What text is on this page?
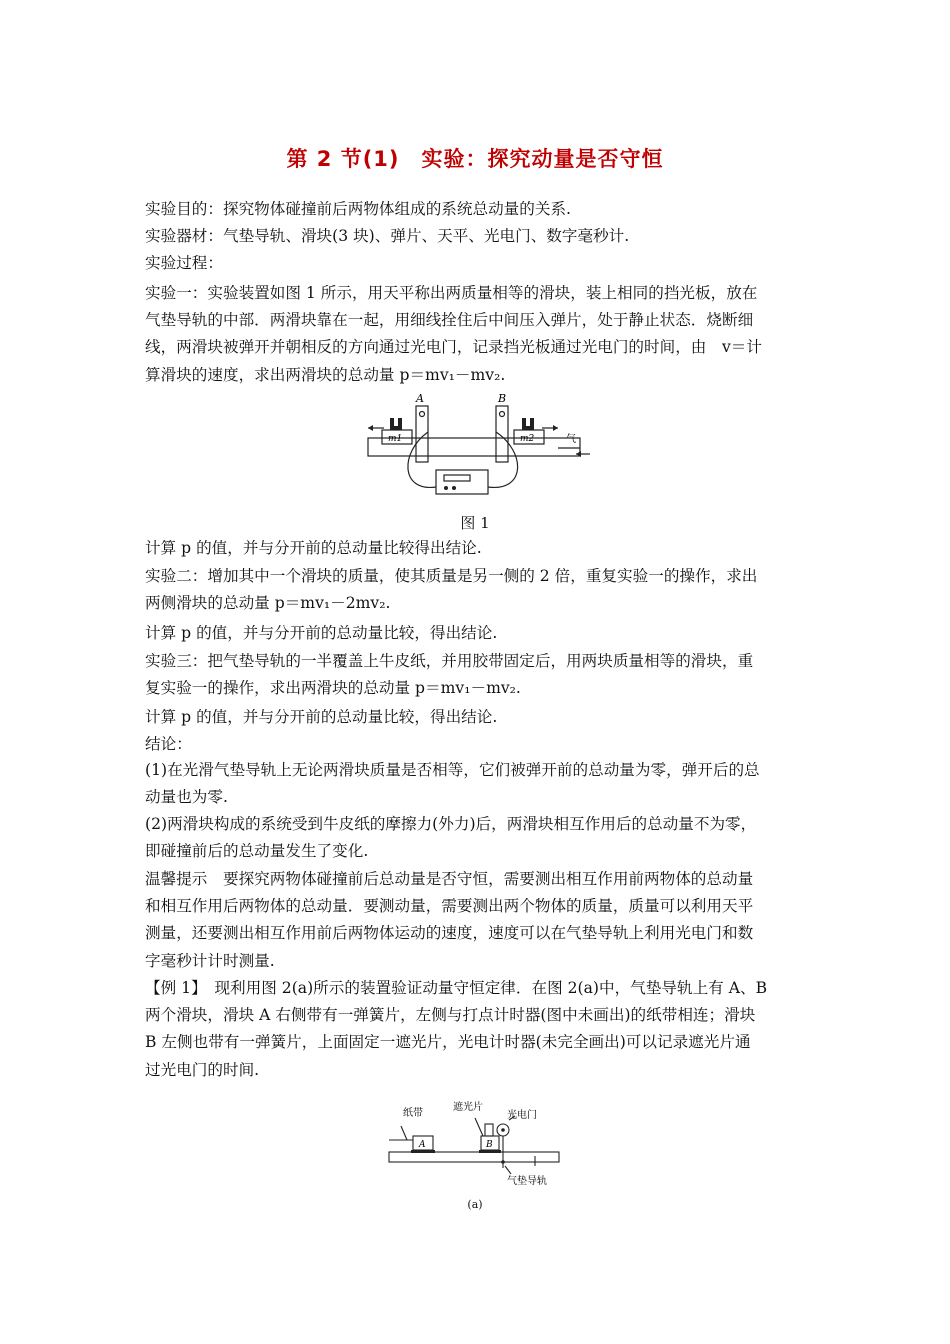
第 2 节(1)　实验：探究动量是否守恒
实验目的：探究物体碰撞前后两物体组成的系统总动量的关系.
实验器材：气垫导轨、滑块(3 块)、弹片、天平、光电门、数字毫秒计.
实验过程：
实验一：实验装置如图 1 所示，用天平称出两质量相等的滑块，装上相同的挡光板，放在
气垫导轨的中部．两滑块靠在一起，用细线拴住后中间压入弹片，处于静止状态．烧断细
线，两滑块被弹开并朝相反的方向通过光电门，记录挡光板通过光电门的时间，由　v＝计
算滑块的速度，求出两滑块的总动量 p＝mv₁－mv₂.
A	B
m1	m2	气
图 1
计算 p 的值，并与分开前的总动量比较得出结论.
实验二：增加其中一个滑块的质量，使其质量是另一侧的 2 倍，重复实验一的操作，求出
两侧滑块的总动量 p＝mv₁－2mv₂.
计算 p 的值，并与分开前的总动量比较，得出结论.
实验三：把气垫导轨的一半覆盖上牛皮纸，并用胶带固定后，用两块质量相等的滑块，重
复实验一的操作，求出两滑块的总动量 p＝mv₁－mv₂.
计算 p 的值，并与分开前的总动量比较，得出结论.
结论：
(1)在光滑气垫导轨上无论两滑块质量是否相等，它们被弹开前的总动量为零，弹开后的总
动量也为零.
(2)两滑块构成的系统受到牛皮纸的摩擦力(外力)后，两滑块相互作用后的总动量不为零，
即碰撞前后的总动量发生了变化.
温馨提示　要探究两物体碰撞前后总动量是否守恒，需要测出相互作用前两物体的总动量
和相互作用后两物体的总动量．要测动量，需要测出两个物体的质量，质量可以利用天平
测量，还要测出相互作用前后两物体运动的速度，速度可以在气垫导轨上利用光电门和数
字毫秒计计时测量.
【例 1】　现利用图 2(a)所示的装置验证动量守恒定律．在图 2(a)中，气垫导轨上有 A、B
两个滑块，滑块 A 右侧带有一弹簧片，左侧与打点计时器(图中未画出)的纸带相连；滑块
B 左侧也带有一弹簧片，上面固定一遮光片，光电计时器(未完全画出)可以记录遮光片通
过光电门的时间.
纸带
遮光片
光电门
A	B
气垫导轨
(a)
